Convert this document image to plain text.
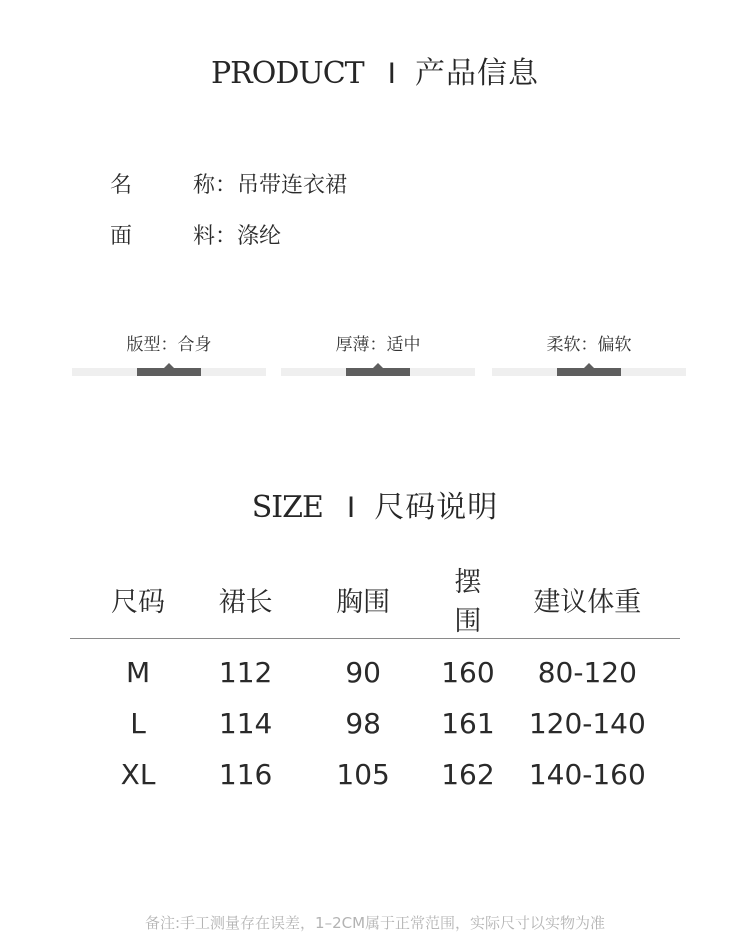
PRODUCT I 产品信息
名	称 ： 吊带连衣裙
面	料 ： 涤纶
版型：合身	厚薄：适中	柔软：偏软
SIZE I 尺码说明
尺码	裙长	胸围	摆围	建议体重
M	112	90	160	80-120
L	114	98	161	120-140
XL	116	105	162	140-160
备注:手工测量存在误差，1–2CM属于正常范围，实际尺寸以实物为准
